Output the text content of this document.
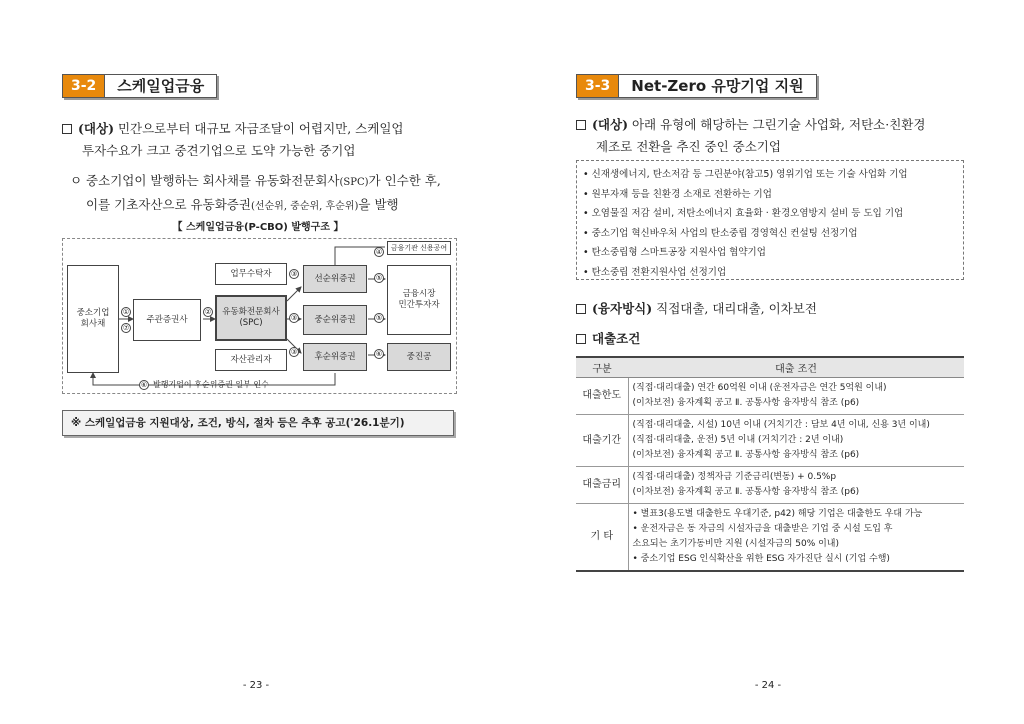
3-2	스케일업금융
(대상) 민간으로부터 대규모 자금조달이 어렵지만, 스케일업
투자수요가 크고 중견기업으로 도약 가능한 중기업
ㅇ 중소기업이 발행하는 회사채를 유동화전문회사(SPC)가 인수한 후,
이를 기초자산으로 유동화증권(선순위, 중순위, 후순위)을 발행
【 스케일업금융(P-CBO) 발행구조 】
중소기업
회사채
①
⑦
주관증권사
②
업무수탁자
유동화전문회사
(SPC)
자산관리자
③
③
③
선순위증권
중순위증권
후순위증권
④
금융기관 신용공여
⑤
⑤
금융시장
민간투자자
⑥	중진공
⑥ 발행기업이 후순위증권 일부 인수
※ 스케일업금융 지원대상, 조건, 방식, 절차 등은 추후 공고('26.1분기)
- 23 -
3-3	Net-Zero 유망기업 지원
(대상) 아래 유형에 해당하는 그린기술 사업화, 저탄소·친환경
제조로 전환을 추진 중인 중소기업
• 신재생에너지, 탄소저감 등 그린분야(참고5) 영위기업 또는 기술 사업화 기업
• 원부자재 등을 친환경 소재로 전환하는 기업
• 오염물질 저감 설비, 저탄소에너지 효율화 · 환경오염방지 설비 등 도입 기업
• 중소기업 혁신바우처 사업의 탄소중립 경영혁신 컨설팅 선정기업
• 탄소중립형 스마트공장 지원사업 협약기업
• 탄소중립 전환지원사업 선정기업
(융자방식) 직접대출, 대리대출, 이차보전
대출조건
구분	대출 조건
대출한도	(직접·대리대출) 연간 60억원 이내 (운전자금은 연간 5억원 이내)
(이차보전) 융자계획 공고 Ⅱ. 공통사항 융자방식 참조 (p6)

대출기간	(직접·대리대출, 시설) 10년 이내 (거치기간 : 담보 4년 이내, 신용 3년 이내)
(직접·대리대출, 운전) 5년 이내 (거치기간 : 2년 이내)
(이차보전) 융자계획 공고 Ⅱ. 공통사항 융자방식 참조 (p6)

대출금리	(직접·대리대출) 정책자금 기준금리(변동) + 0.5%p
(이차보전) 융자계획 공고 Ⅱ. 공통사항 융자방식 참조 (p6)

기 타	• 별표3(용도별 대출한도 우대기준, p42) 해당 기업은 대출한도 우대 가능
• 운전자금은 동 자금의 시설자금을 대출받은 기업 중 시설 도입 후
소요되는 초기가동비만 지원 (시설자금의 50% 이내)
• 중소기업 ESG 인식확산을 위한 ESG 자가진단 실시 (기업 수행)
- 24 -
